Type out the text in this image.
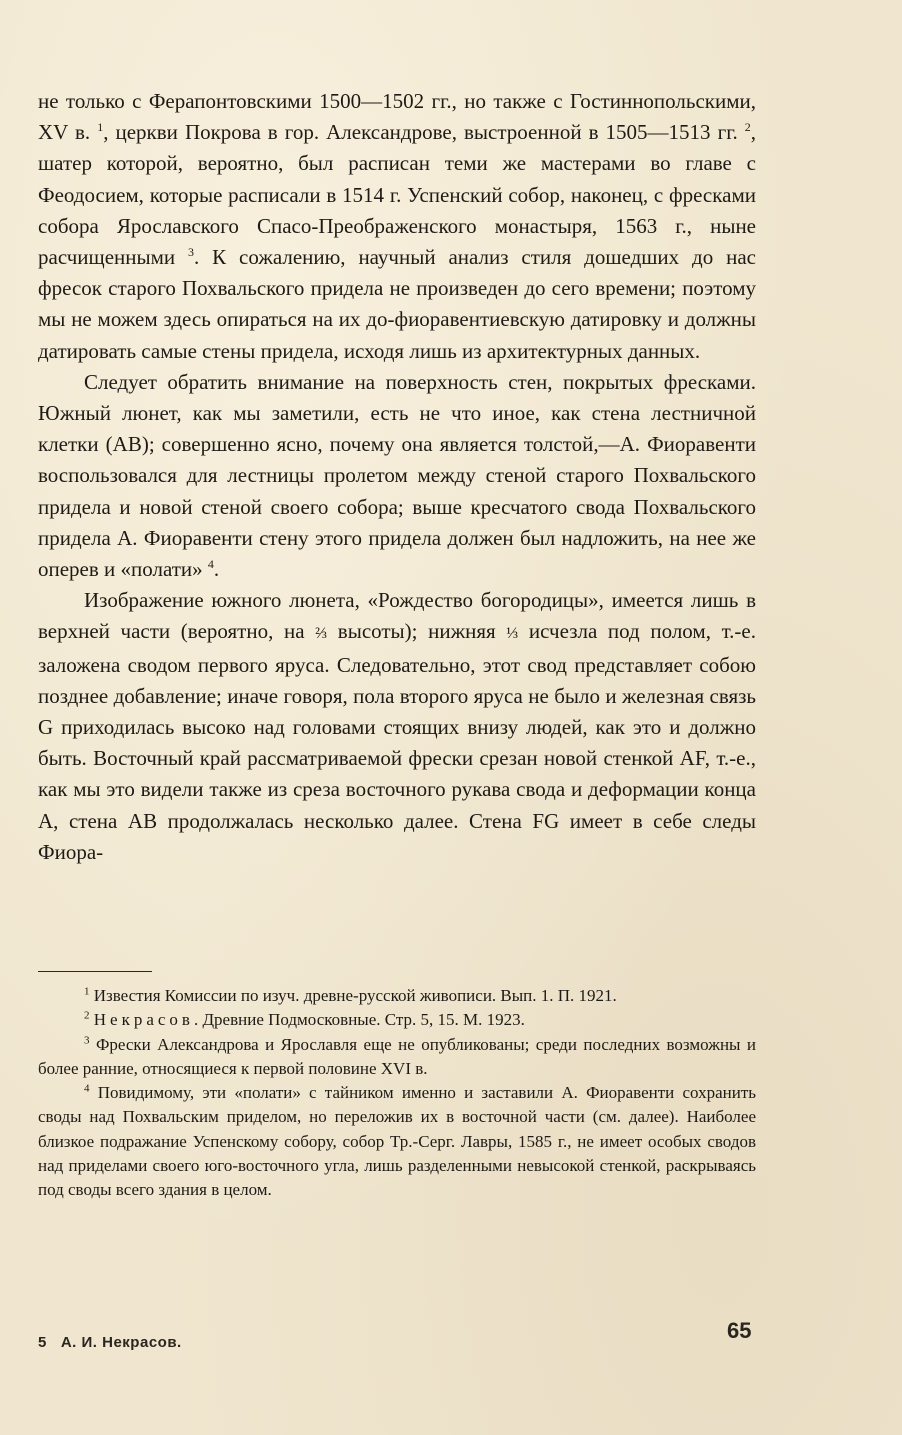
не только с Ферапонтовскими 1500—1502 гг., но также с Гостиннопольскими, XV в. $^1$, церкви Покрова в гор. Александрове, выстроенной в 1505—1513 гг. $^2$, шатер которой, вероятно, был расписан теми же мастерами во главе с Феодосием, которые расписали в 1514 г. Успенский собор, наконец, с фресками собора Ярославского Спасо-Преображенского монастыря, 1563 г., ныне расчищенными $^3$. К сожалению, научный анализ стиля дошедших до нас фресок старого Похвальского придела не произведен до сего времени; поэтому мы не можем здесь опираться на их до-фиоравентиевскую датировку и должны датировать самые стены придела, исходя лишь из архитектурных данных.

Следует обратить внимание на поверхность стен, покрытых фресками. Южный люнет, как мы заметили, есть не что иное, как стена лестничной клетки (АВ); совершенно ясно, почему она является толстой,—А. Фиоравенти воспользовался для лестницы пролетом между стеной старого Похвальского придела и новой стеной своего собора; выше кресчатого свода Похвальского придела А. Фиоравенти стену этого придела должен был надложить, на нее же оперев и «полати» $^4$.

Изображение южного люнета, «Рождество богородицы», имеется лишь в верхней части (вероятно, на ⅔ высоты); нижняя ⅓ исчезла под полом, т.-е. заложена сводом первого яруса. Следовательно, этот свод представляет собою позднее добавление; иначе говоря, пола второго яруса не было и железная связь G приходилась высоко над головами стоящих внизу людей, как это и должно быть. Восточный край рассматриваемой фрески срезан новой стенкой AF, т.-е., как мы это видели также из среза восточного рукава свода и деформации конца А, стена АВ продолжалась несколько далее. Стена FG имеет в себе следы Фиора-

$^1$ Известия Комиссии по изуч. древне-русской живописи. Вып. 1. П. 1921.

$^2$ Некрасов. Древние Подмосковные. Стр. 5, 15. М. 1923.

$^3$ Фрески Александрова и Ярославля еще не опубликованы; среди последних возможны и более ранние, относящиеся к первой половине XVI в.

$^4$ Повидимому, эти «полати» с тайником именно и заставили А. Фиоравенти сохранить своды над Похвальским приделом, но переложив их в восточной части (см. далее). Наиболее близкое подражание Успенскому собору, собор Тр.-Серг. Лавры, 1585 г., не имеет особых сводов над приделами своего юго-восточного угла, лишь разделенными невысокой стенкой, раскрываясь под своды всего здания в целом.

5 А. И. Некрасов.	65
